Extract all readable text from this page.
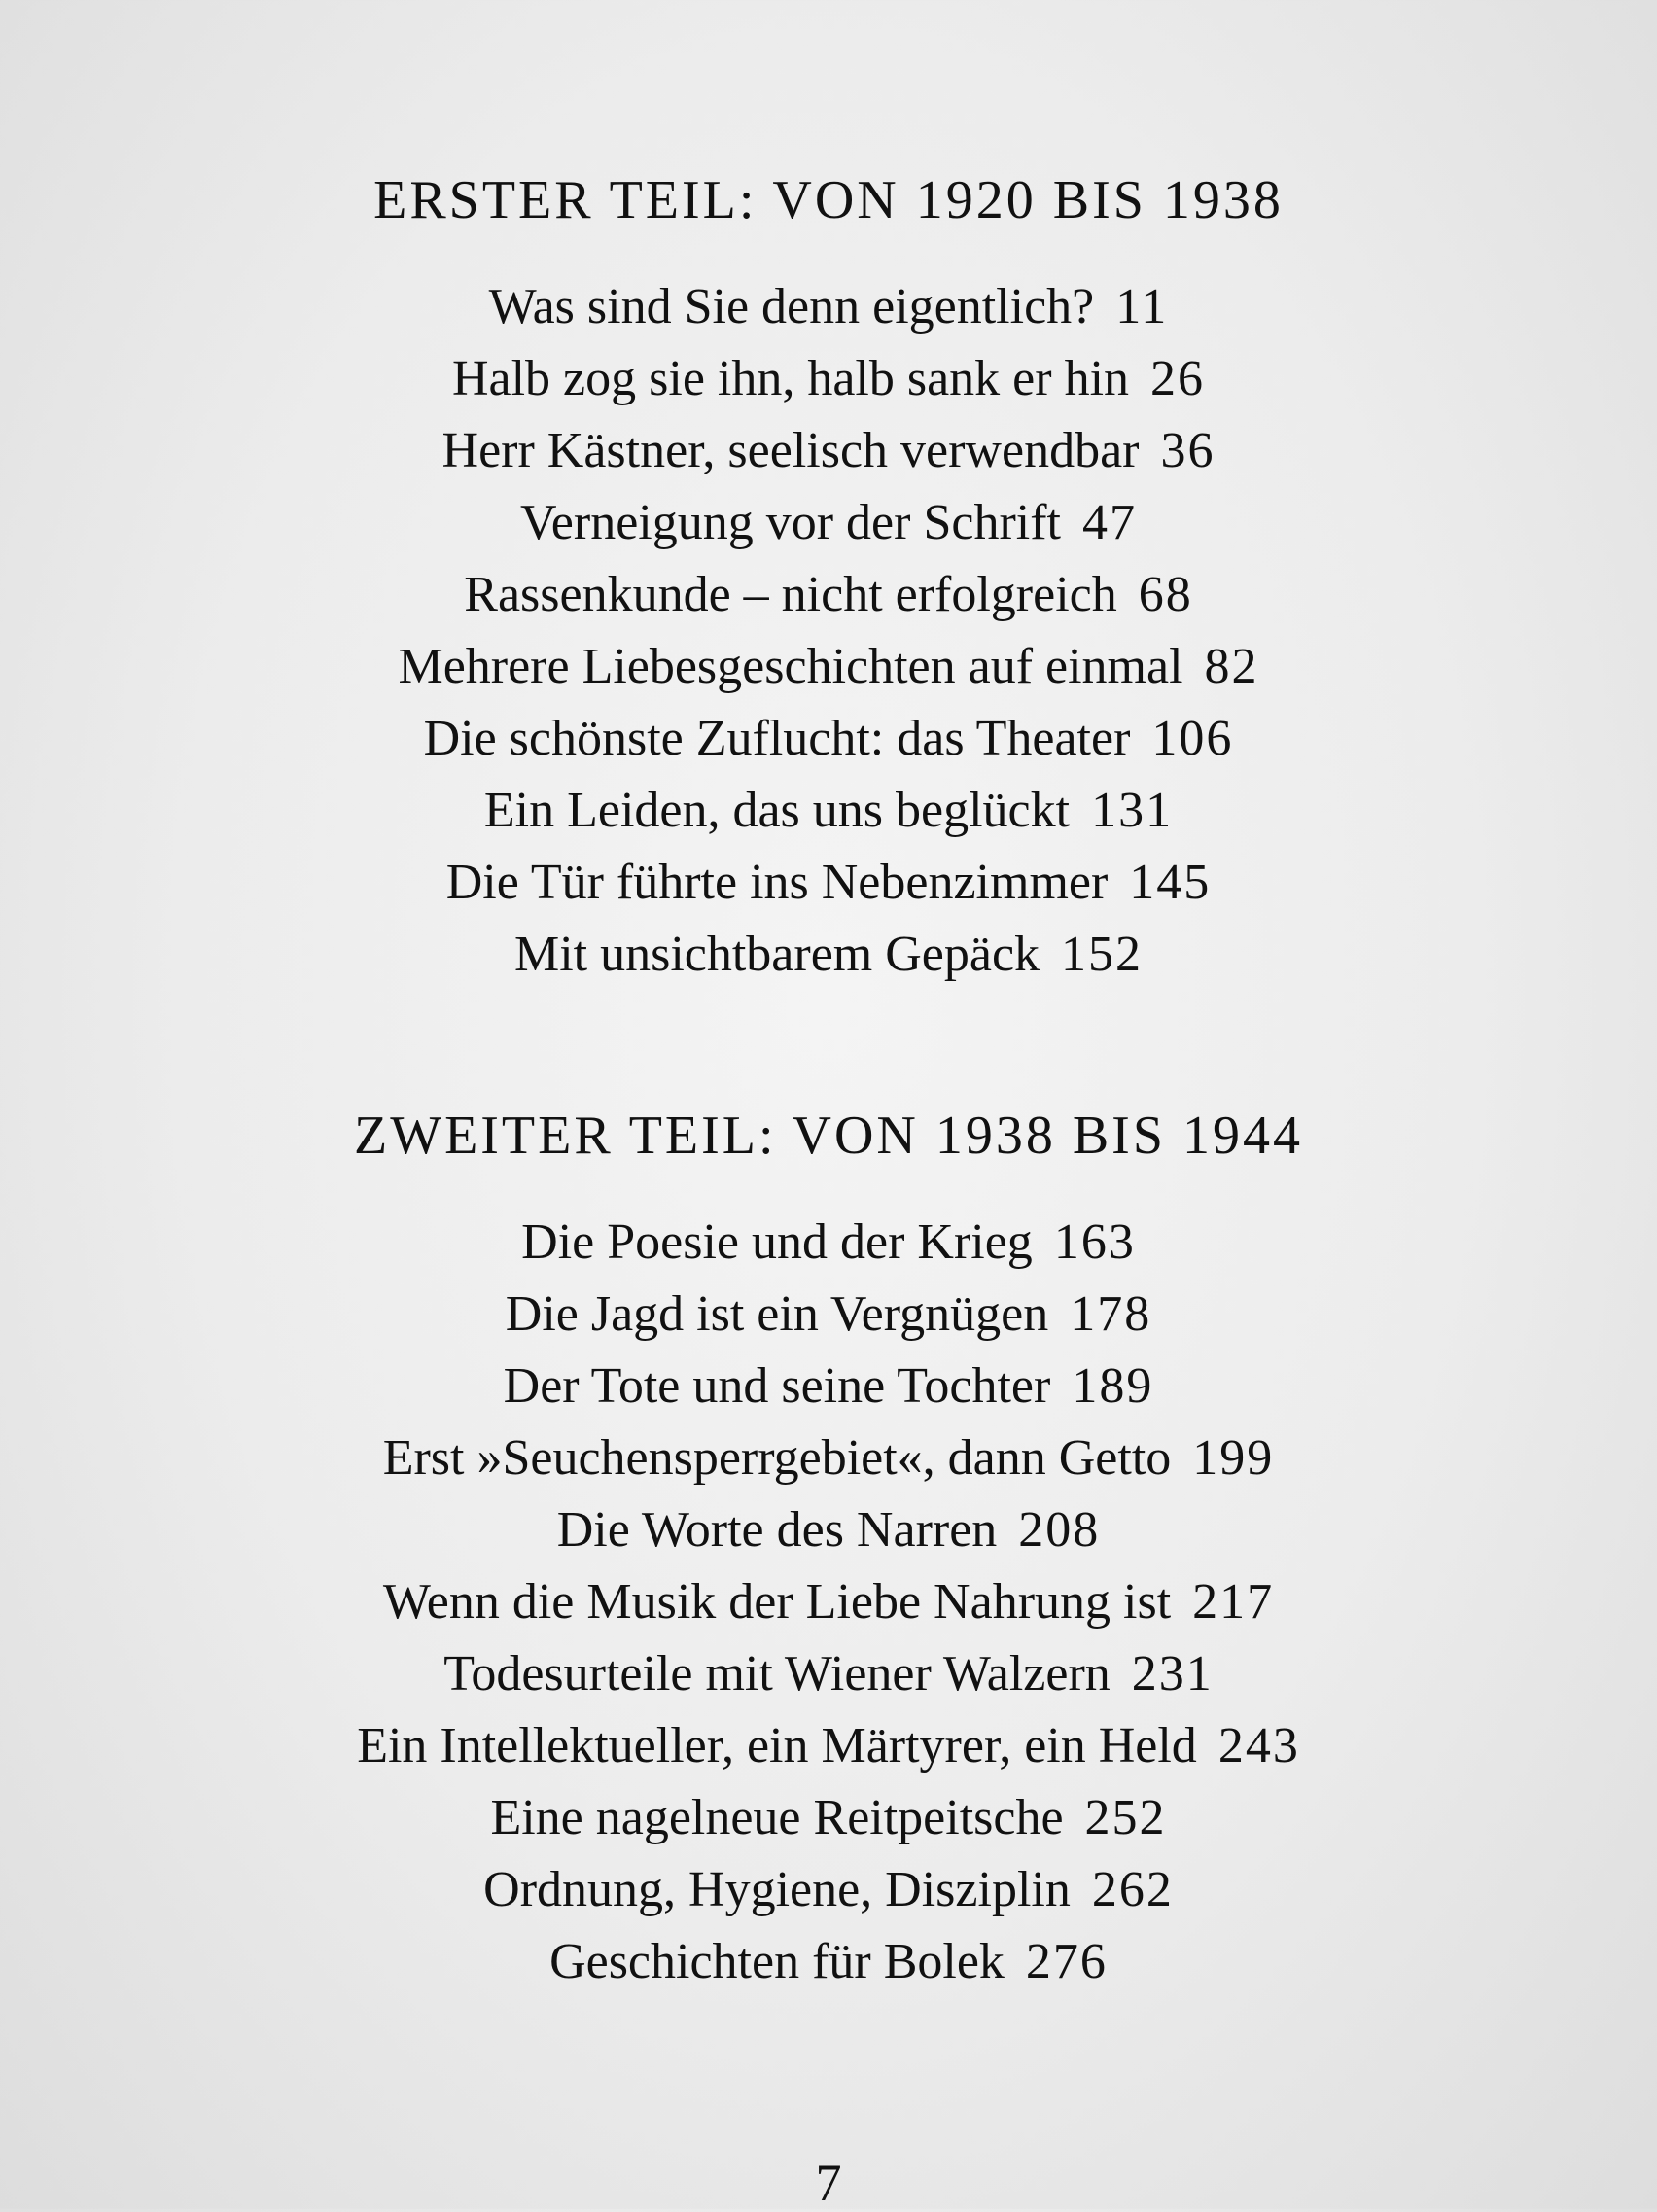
ERSTER TEIL: VON 1920 BIS 1938
Was sind Sie denn eigentlich? 11
Halb zog sie ihn, halb sank er hin 26
Herr Kästner, seelisch verwendbar 36
Verneigung vor der Schrift 47
Rassenkunde – nicht erfolgreich 68
Mehrere Liebesgeschichten auf einmal 82
Die schönste Zuflucht: das Theater 106
Ein Leiden, das uns beglückt 131
Die Tür führte ins Nebenzimmer 145
Mit unsichtbarem Gepäck 152
ZWEITER TEIL: VON 1938 BIS 1944
Die Poesie und der Krieg 163
Die Jagd ist ein Vergnügen 178
Der Tote und seine Tochter 189
Erst »Seuchensperrgebiet«, dann Getto 199
Die Worte des Narren 208
Wenn die Musik der Liebe Nahrung ist 217
Todesurteile mit Wiener Walzern 231
Ein Intellektueller, ein Märtyrer, ein Held 243
Eine nagelneue Reitpeitsche 252
Ordnung, Hygiene, Disziplin 262
Geschichten für Bolek 276
7
